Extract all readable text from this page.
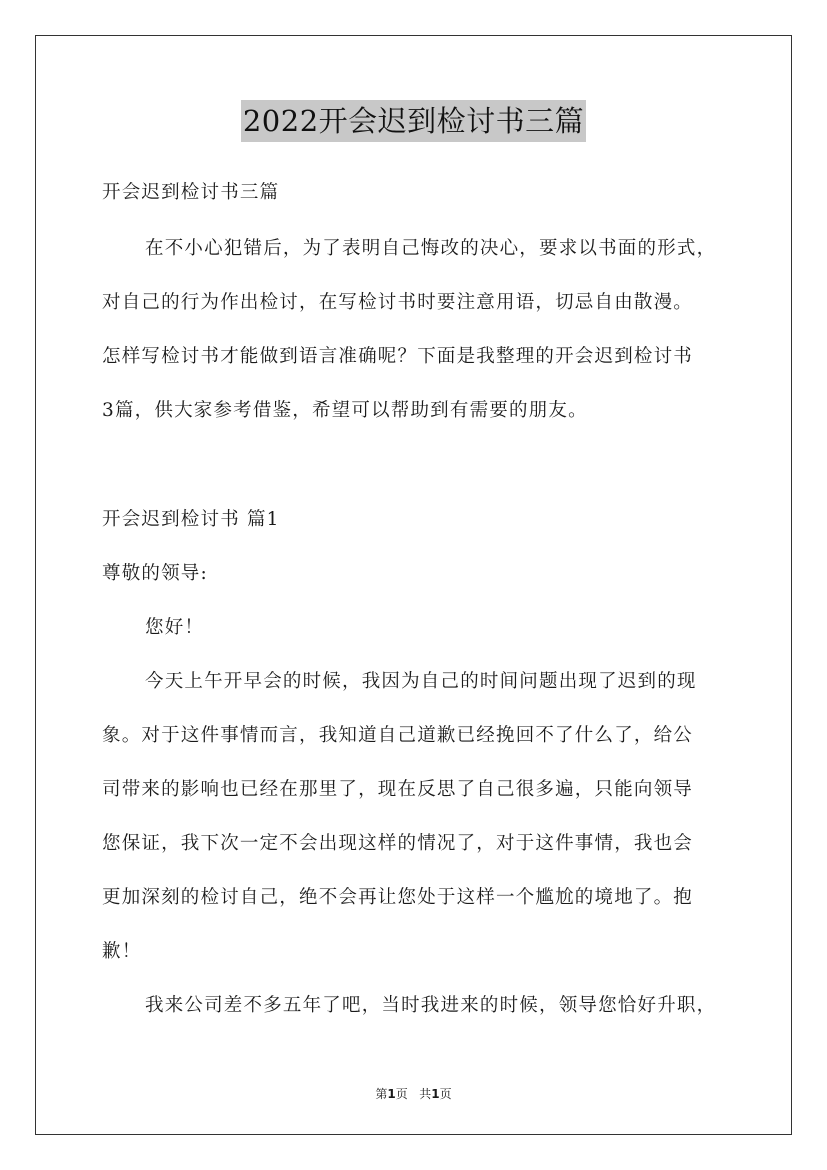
2022开会迟到检讨书三篇
开会迟到检讨书三篇
在不小心犯错后，为了表明自己悔改的决心，要求以书面的形式，
对自己的行为作出检讨，在写检讨书时要注意用语，切忌自由散漫。
怎样写检讨书才能做到语言准确呢？下面是我整理的开会迟到检讨书
3篇，供大家参考借鉴，希望可以帮助到有需要的朋友。
开会迟到检讨书 篇1
尊敬的领导:
您好！
今天上午开早会的时候，我因为自己的时间问题出现了迟到的现
象。对于这件事情而言，我知道自己道歉已经挽回不了什么了，给公
司带来的影响也已经在那里了，现在反思了自己很多遍，只能向领导
您保证，我下次一定不会出现这样的情况了，对于这件事情，我也会
更加深刻的检讨自己，绝不会再让您处于这样一个尴尬的境地了。抱
歉！
我来公司差不多五年了吧，当时我进来的时候，领导您恰好升职，
第1页 共1页
